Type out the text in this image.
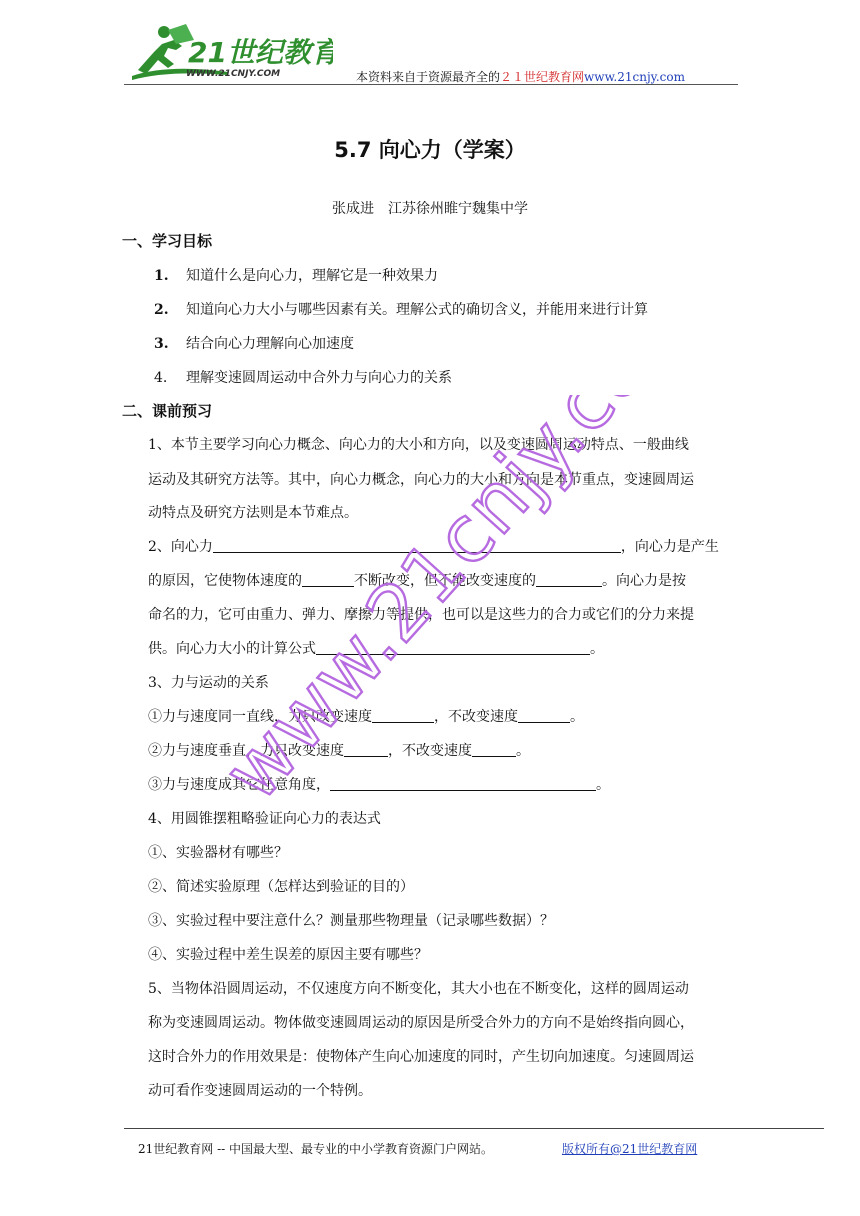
21世纪教育
WWW.21CNJY.COM	本资料来自于资源最齐全的２１世纪教育网www.21cnjy.com
5.7 向心力（学案）
张成进　江苏徐州睢宁魏集中学
一、学习目标
1. 知道什么是向心力，理解它是一种效果力
2. 知道向心力大小与哪些因素有关。理解公式的确切含义，并能用来进行计算
3. 结合向心力理解向心加速度
4. 理解变速圆周运动中合外力与向心力的关系
二、课前预习
1、本节主要学习向心力概念、向心力的大小和方向，以及变速圆周运动特点、一般曲线
运动及其研究方法等。其中，向心力概念，向心力的大小和方向是本节重点，变速圆周运
动特点及研究方法则是本节难点。
2、向心力	，向心力是产生
的原因，它使物体速度的	不断改变，但不能改变速度的	。向心力是按
命名的力，它可由重力、弹力、摩擦力等提供，也可以是这些力的合力或它们的分力来提
供。向心力大小的计算公式	。
3、力与运动的关系
①力与速度同一直线，力只改变速度	，不改变速度	。
②力与速度垂直，力只改变速度	，不改变速度	。
③力与速度成其它任意角度，	。
4、用圆锥摆粗略验证向心力的表达式
①、实验器材有哪些？
②、简述实验原理（怎样达到验证的目的）
③、实验过程中要注意什么？测量那些物理量（记录哪些数据）？
④、实验过程中差生误差的原因主要有哪些？
5、当物体沿圆周运动，不仅速度方向不断变化，其大小也在不断变化，这样的圆周运动
称为变速圆周运动。物体做变速圆周运动的原因是所受合外力的方向不是始终指向圆心，
这时合外力的作用效果是：使物体产生向心加速度的同时，产生切向加速度。匀速圆周运
动可看作变速圆周运动的一个特例。
www.21cnjy.com
21世纪教育网 -- 中国最大型、最专业的中小学教育资源门户网站。	版权所有@21世纪教育网
